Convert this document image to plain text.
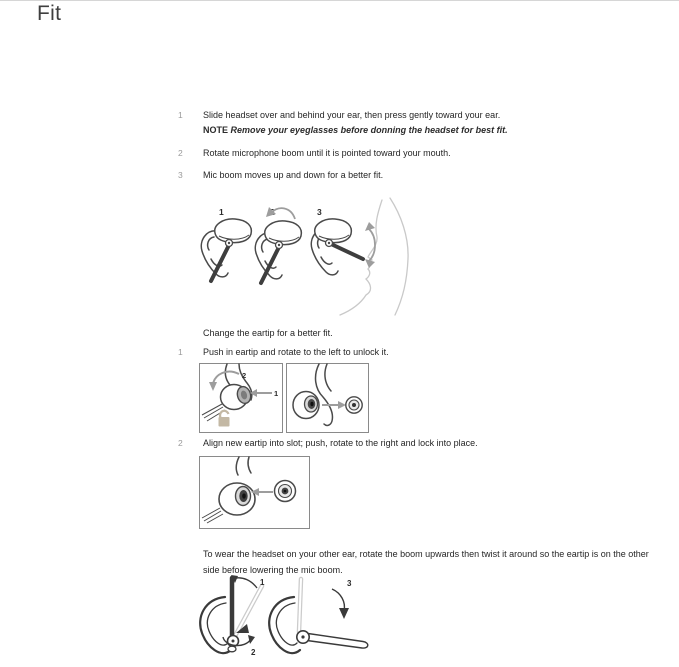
Fit
1 Slide headset over and behind your ear, then press gently toward your ear.
NOTE Remove your eyeglasses before donning the headset for best fit.
2 Rotate microphone boom until it is pointed toward your mouth.
3 Mic boom moves up and down for a better fit.
1	3
Change the eartip for a better fit.
1 Push in eartip and rotate to the left to unlock it.
1
2
2 Align new eartip into slot; push, rotate to the right and lock into place.
To wear the headset on your other ear, rotate the boom upwards then twist it around so the eartip is on the other side before lowering the mic boom.
1
2
3
